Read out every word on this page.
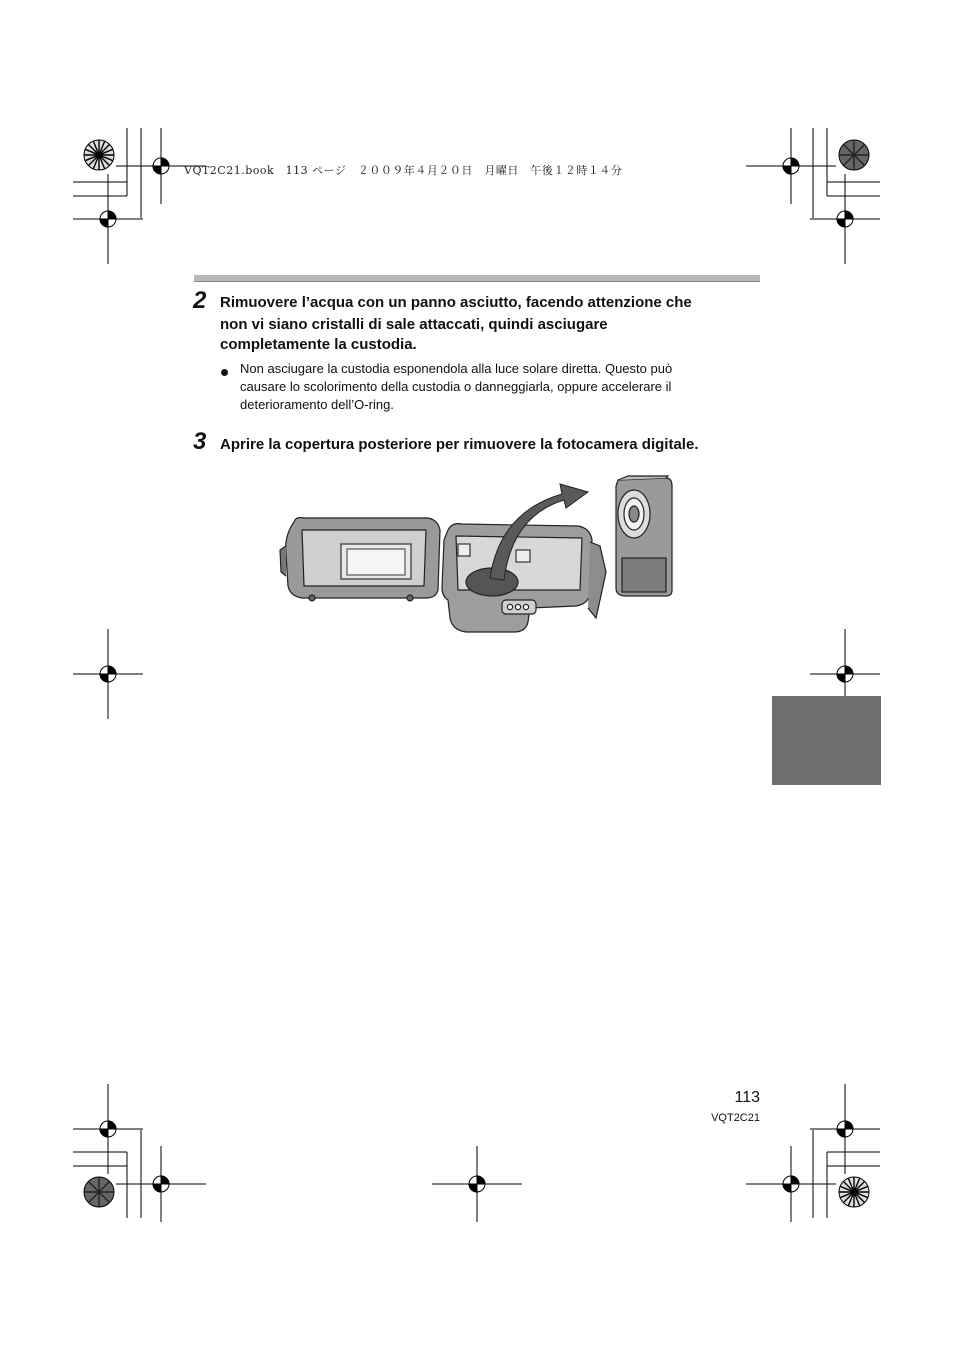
VQT2C21.book　113 ページ　２００９年４月２０日　月曜日　午後１２時１４分
2 Rimuovere l’acqua con un panno asciutto, facendo attenzione che
non vi siano cristalli di sale attaccati, quindi asciugare
completamente la custodia.
Non asciugare la custodia esponendola alla luce solare diretta. Questo può
causare lo scolorimento della custodia o danneggiarla, oppure accelerare il
deterioramento dell’O-ring.
3 Aprire la copertura posteriore per rimuovere la fotocamera digitale.
113
VQT2C21
